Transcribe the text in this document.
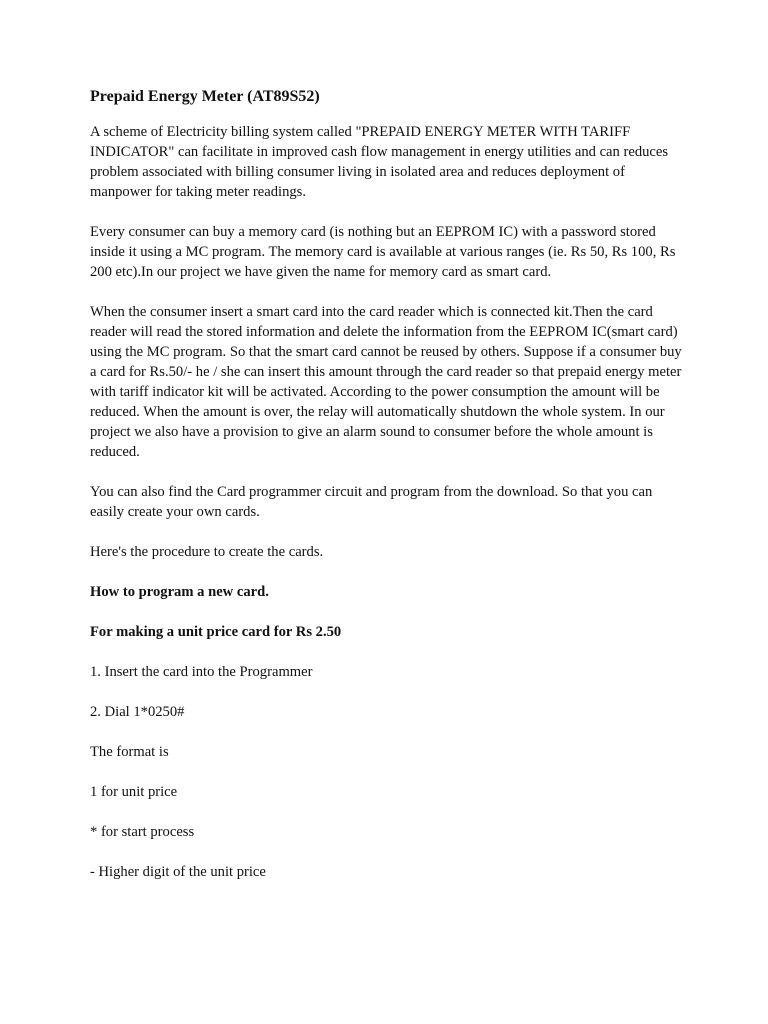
Prepaid Energy Meter (AT89S52)

A scheme of Electricity billing system called "PREPAID ENERGY METER WITH TARIFF INDICATOR" can facilitate in improved cash flow management in energy utilities and can reduces problem associated with billing consumer living in isolated area and reduces deployment of manpower for taking meter readings.

Every consumer can buy a memory card (is nothing but an EEPROM IC) with a password stored inside it using a MC program. The memory card is available at various ranges (ie. Rs 50, Rs 100, Rs 200 etc).In our project we have given the name for memory card as smart card.

When the consumer insert a smart card into the card reader which is connected kit.Then the card reader will read the stored information and delete the information from the EEPROM IC(smart card) using the MC program. So that the smart card cannot be reused by others. Suppose if a consumer buy a card for Rs.50/- he / she can insert this amount through the card reader so that prepaid energy meter with tariff indicator kit will be activated. According to the power consumption the amount will be reduced. When the amount is over, the relay will automatically shutdown the whole system. In our project we also have a provision to give an alarm sound to consumer before the whole amount is reduced.

You can also find the Card programmer circuit and program from the download. So that you can easily create your own cards.

Here's the procedure to create the cards.

How to program a new card.

For making a unit price card for Rs 2.50

1. Insert the card into the Programmer

2. Dial 1*0250#

The format is

1 for unit price

* for start process

- Higher digit of the unit price
